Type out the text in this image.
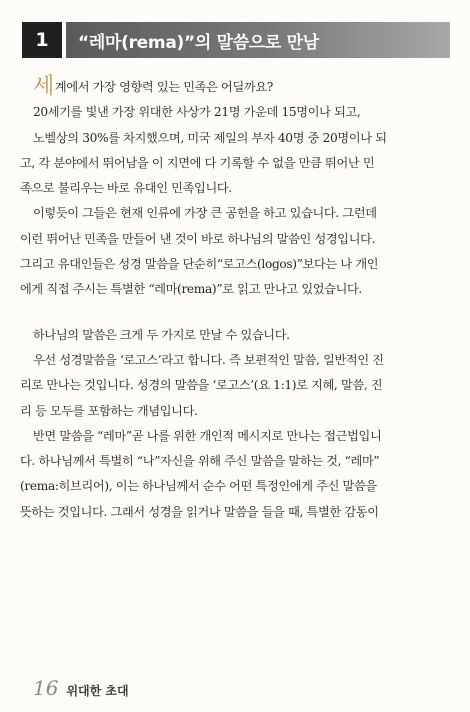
1	“레마(rema)”의 말씀으로 만남
세계에서 가장 영향력 있는 민족은 어딜까요?
20세기를 빛낸 가장 위대한 사상가 21명 가운데 15명이나 되고,
노벨상의 30%를 차지했으며, 미국 제일의 부자 40명 중 20명이나 되
고, 각 분야에서 뛰어남을 이 지면에 다 기록할 수 없을 만큼 뛰어난 민
족으로 불리우는 바로 유대인 민족입니다.
이렇듯이 그들은 현재 인류에 가장 큰 공헌을 하고 있습니다. 그런데
이런 뛰어난 민족을 만들어 낸 것이 바로 하나님의 말씀인 성경입니다.
그리고 유대인들은 성경 말씀을 단순히“로고스(logos)”보다는 나 개인
에게 직접 주시는 특별한 “레마(rema)”로 읽고 만나고 있었습니다.
하나님의 말씀은 크게 두 가지로 만날 수 있습니다.
우선 성경말씀을 ‘로고스’라고 합니다. 즉 보편적인 말씀, 일반적인 진
리로 만나는 것입니다. 성경의 말씀을 ‘로고스’(요 1:1)로 지혜, 말씀, 진
리 등 모두를 포함하는 개념입니다.
반면 말씀을 “레마”곧 나를 위한 개인적 메시지로 만나는 접근법입니
다. 하나님께서 특별히 “나”자신을 위해 주신 말씀을 말하는 것, “레마”
(rema:히브리어), 이는 하나님께서 순수 어떤 특정인에게 주신 말씀을
뜻하는 것입니다. 그래서 성경을 읽거나 말씀을 들을 때, 특별한 감동이
16 위대한 초대
